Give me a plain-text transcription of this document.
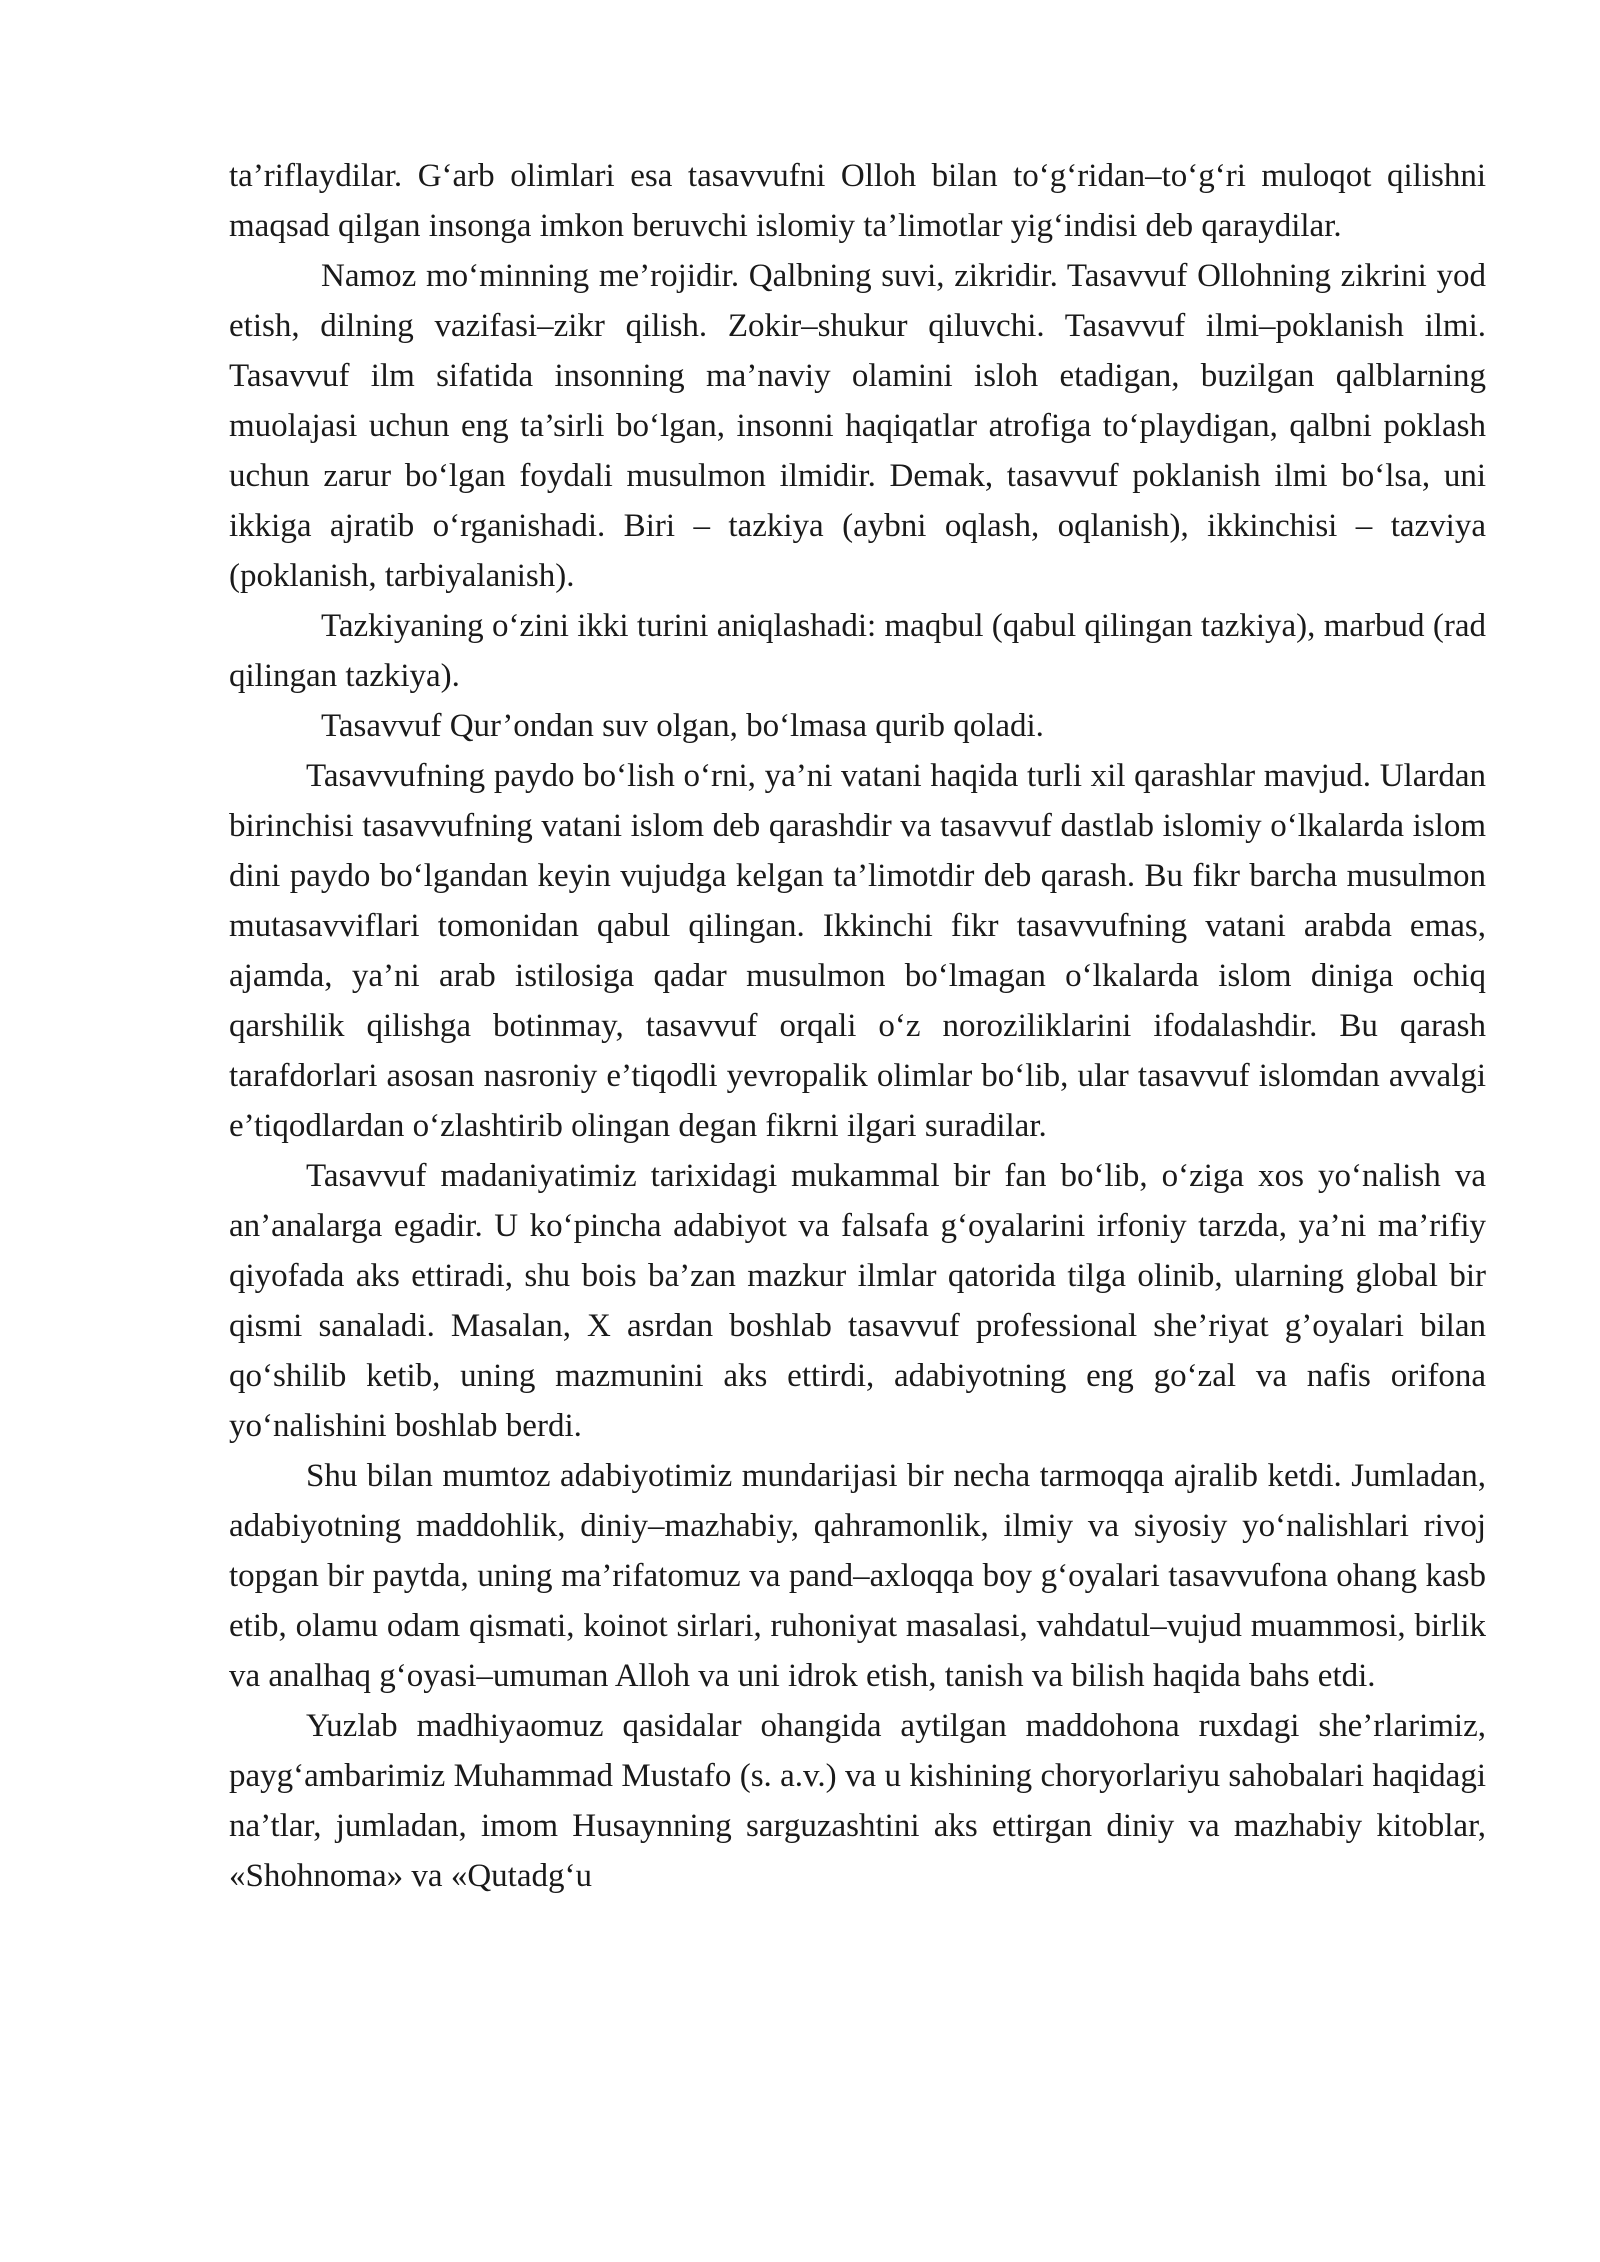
ta’riflaydilar. G‘arb olimlari esa tasavvufni Olloh bilan to‘g‘ridan–to‘g‘ri muloqot qilishni maqsad qilgan insonga imkon beruvchi islomiy ta’limotlar yig‘indisi deb qaraydilar.

Namoz mo‘minning me’rojidir. Qalbning suvi, zikridir. Tasavvuf Ollohning zikrini yod etish, dilning vazifasi–zikr qilish. Zokir–shukur qiluvchi. Tasavvuf ilmi–poklanish ilmi. Tasavvuf ilm sifatida insonning ma’naviy olamini isloh etadigan, buzilgan qalblarning muolajasi uchun eng ta’sirli bo‘lgan, insonni haqiqatlar atrofiga to‘playdigan, qalbni poklash uchun zarur bo‘lgan foydali musulmon ilmidir. Demak, tasavvuf poklanish ilmi bo‘lsa, uni ikkiga ajratib o‘rganishadi. Biri – tazkiya (aybni oqlash, oqlanish), ikkinchisi – tazviya (poklanish, tarbiyalanish).

Tazkiyaning o‘zini ikki turini aniqlashadi: maqbul (qabul qilingan tazkiya), marbud (rad qilingan tazkiya).

Tasavvuf Qur’ondan suv olgan, bo‘lmasa qurib qoladi.

Tasavvufning paydo bo‘lish o‘rni, ya’ni vatani haqida turli xil qarashlar mavjud. Ulardan birinchisi tasavvufning vatani islom deb qarashdir va tasavvuf dastlab islomiy o‘lkalarda islom dini paydo bo‘lgandan keyin vujudga kelgan ta’limotdir deb qarash. Bu fikr barcha musulmon mutasavviflari tomonidan qabul qilingan. Ikkinchi fikr tasavvufning vatani arabda emas, ajamda, ya’ni arab istilosiga qadar musulmon bo‘lmagan o‘lkalarda islom diniga ochiq qarshilik qilishga botinmay, tasavvuf orqali o‘z noroziliklarini ifodalashdir. Bu qarash tarafdorlari asosan nasroniy e’tiqodli yevropalik olimlar bo‘lib, ular tasavvuf islomdan avvalgi e’tiqodlardan o‘zlashtirib olingan degan fikrni ilgari suradilar.

Tasavvuf madaniyatimiz tarixidagi mukammal bir fan bo‘lib, o‘ziga xos yo‘nalish va an’analarga egadir. U ko‘pincha adabiyot va falsafa g‘oyalarini irfoniy tarzda, ya’ni ma’rifiy qiyofada aks ettiradi, shu bois ba’zan mazkur ilmlar qatorida tilga olinib, ularning global bir qismi sanaladi. Masalan, X asrdan boshlab tasavvuf professional she’riyat g’oyalari bilan qo‘shilib ketib, uning mazmunini aks ettirdi, adabiyotning eng go‘zal va nafis orifona yo‘nalishini boshlab berdi.

Shu bilan mumtoz adabiyotimiz mundarijasi bir necha tarmoqqa ajralib ketdi. Jumladan, adabiyotning maddohlik, diniy–mazhabiy, qahramonlik, ilmiy va siyosiy yo‘nalishlari rivoj topgan bir paytda, uning ma’rifatomuz va pand–axloqqa boy g‘oyalari tasavvufona ohang kasb etib, olamu odam qismati, koinot sirlari, ruhoniyat masalasi, vahdatul–vujud muammosi, birlik va analhaq g‘oyasi–umuman Alloh va uni idrok etish, tanish va bilish haqida bahs etdi.

Yuzlab madhiyaomuz qasidalar ohangida aytilgan maddohona ruxdagi she’rlarimiz, payg‘ambarimiz Muhammad Mustafo (s. a.v.) va u kishining choryorlariyu sahobalari haqidagi na’tlar, jumladan, imom Husaynning sarguzashtini aks ettirgan diniy va mazhabiy kitoblar, «Shohnoma» va «Qutadg‘u
